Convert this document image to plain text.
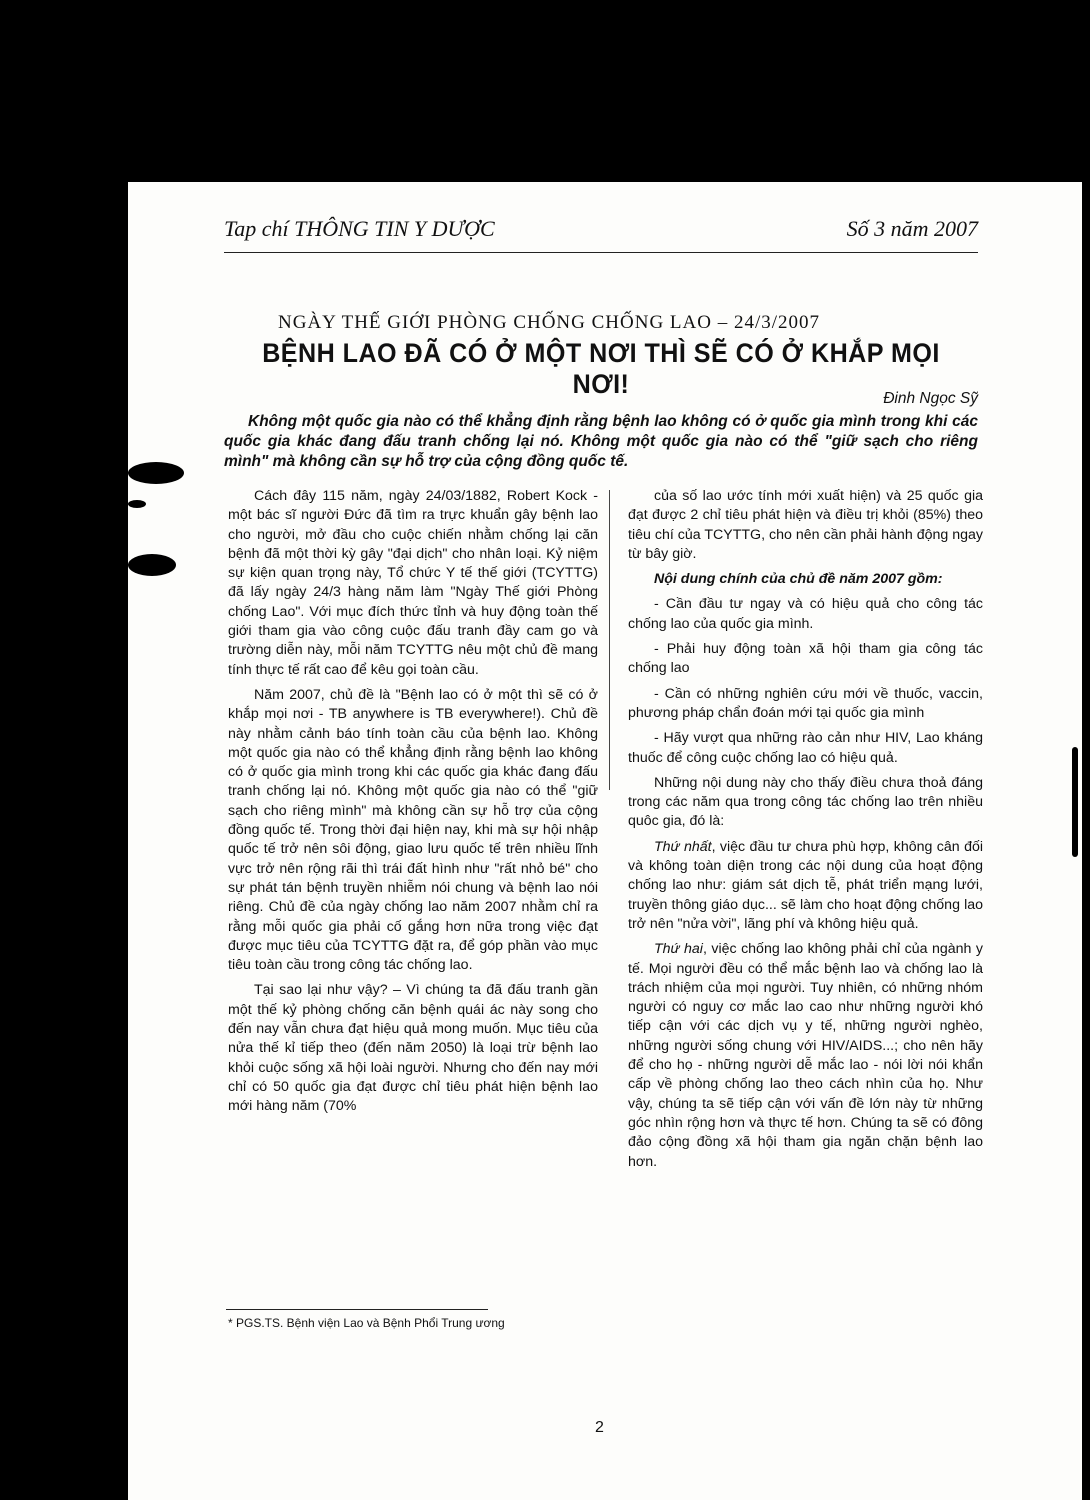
Tap chí THÔNG TIN Y DƯỢC	Số 3 năm 2007
NGÀY THẾ GIỚI PHÒNG CHỐNG CHỐNG LAO – 24/3/2007
BỆNH LAO ĐÃ CÓ Ở MỘT NƠI THÌ SẼ CÓ Ở KHẮP MỌI NƠI!	Đinh Ngọc Sỹ

Không một quốc gia nào có thể khẳng định rằng bệnh lao không có ở quốc gia mình trong khi các quốc gia khác đang đấu tranh chống lại nó. Không một quốc gia nào có thể "giữ sạch cho riêng mình" mà không cần sự hỗ trợ của cộng đồng quốc tế.

Cách đây 115 năm, ngày 24/03/1882, Robert Kock - một bác sĩ người Đức đã tìm ra trực khuẩn gây bệnh lao cho người, mở đầu cho cuộc chiến nhằm chống lại căn bệnh đã một thời kỳ gây "đại dịch" cho nhân loại. Kỷ niệm sự kiện quan trọng này, Tổ chức Y tế thế giới (TCYTTG) đã lấy ngày 24/3 hàng năm làm "Ngày Thế giới Phòng chống Lao". Với mục đích thức tỉnh và huy động toàn thế giới tham gia vào công cuộc đấu tranh đầy cam go và trường diễn này, mỗi năm TCYTTG nêu một chủ đề mang tính thực tế rất cao để kêu gọi toàn cầu.

Năm 2007, chủ đề là "Bệnh lao có ở một thì sẽ có ở khắp mọi nơi - TB anywhere is TB everywhere!). Chủ đề này nhằm cảnh báo tính toàn cầu của bệnh lao. Không một quốc gia nào có thể khẳng định rằng bệnh lao không có ở quốc gia mình trong khi các quốc gia khác đang đấu tranh chống lại nó. Không một quốc gia nào có thể "giữ sạch cho riêng mình" mà không cần sự hỗ trợ của cộng đồng quốc tế. Trong thời đại hiện nay, khi mà sự hội nhập quốc tế trở nên sôi động, giao lưu quốc tế trên nhiều lĩnh vực trở nên rộng rãi thì trái đất hình như "rất nhỏ bé" cho sự phát tán bệnh truyền nhiễm nói chung và bệnh lao nói riêng. Chủ đề của ngày chống lao năm 2007 nhằm chỉ ra rằng mỗi quốc gia phải cố gắng hơn nữa trong việc đạt được mục tiêu của TCYTTG đặt ra, để góp phần vào mục tiêu toàn cầu trong công tác chống lao.

Tại sao lại như vậy? – Vì chúng ta đã đấu tranh gần một thế kỷ phòng chống căn bệnh quái ác này song cho đến nay vẫn chưa đạt hiệu quả mong muốn. Mục tiêu của nửa thế kỉ tiếp theo (đến năm 2050) là loại trừ bệnh lao khỏi cuộc sống xã hội loài người. Nhưng cho đến nay mới chỉ có 50 quốc gia đạt được chỉ tiêu phát hiện bệnh lao mới hàng năm (70%

của số lao ước tính mới xuất hiện) và 25 quốc gia đạt được 2 chỉ tiêu phát hiện và điều trị khỏi (85%) theo tiêu chí của TCYTTG, cho nên cần phải hành động ngay từ bây giờ.

Nội dung chính của chủ đề năm 2007 gồm:

- Cần đầu tư ngay và có hiệu quả cho công tác chống lao của quốc gia mình.

- Phải huy động toàn xã hội tham gia công tác chống lao

- Cần có những nghiên cứu mới về thuốc, vaccin, phương pháp chẩn đoán mới tại quốc gia mình

- Hãy vượt qua những rào cản như HIV, Lao kháng thuốc để công cuộc chống lao có hiệu quả.

Những nội dung này cho thấy điều chưa thoả đáng trong các năm qua trong công tác chống lao trên nhiều quôc gia, đó là:

Thứ nhất, việc đầu tư chưa phù hợp, không cân đối và không toàn diện trong các nội dung của hoạt động chống lao như: giám sát dịch tễ, phát triển mạng lưới, truyền thông giáo dục... sẽ làm cho hoạt động chống lao trở nên "nửa vời", lãng phí và không hiệu quả.

Thứ hai, việc chống lao không phải chỉ của ngành y tế. Mọi người đều có thể mắc bệnh lao và chống lao là trách nhiệm của mọi người. Tuy nhiên, có những nhóm người có nguy cơ mắc lao cao như những người khó tiếp cận với các dịch vụ y tế, những người nghèo, những người sống chung với HIV/AIDS...; cho nên hãy để cho họ - những người dễ mắc lao - nói lời nói khẩn cấp về phòng chống lao theo cách nhìn của họ. Như vậy, chúng ta sẽ tiếp cận với vấn đề lớn này từ những góc nhìn rộng hơn và thực tế hơn. Chúng ta sẽ có đông đảo cộng đồng xã hội tham gia ngăn chặn bệnh lao hơn.

* PGS.TS. Bệnh viện Lao và Bệnh Phổi Trung ương
2
